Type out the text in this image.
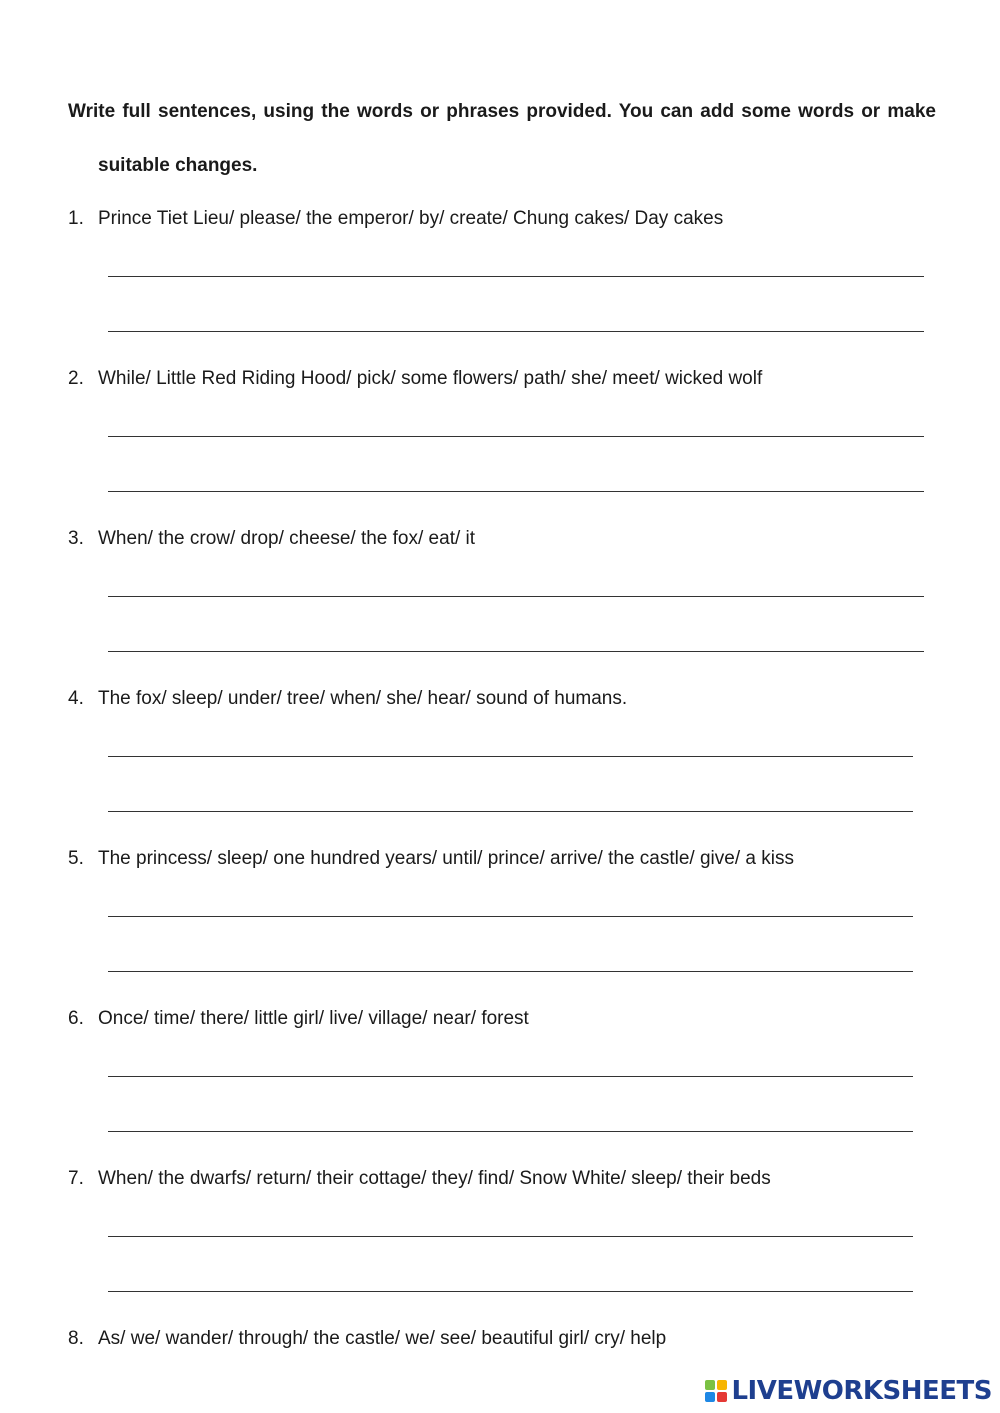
Write full sentences, using the words or phrases provided. You can add some words or make

suitable changes.

1. Prince Tiet Lieu/ please/ the emperor/ by/ create/ Chung cakes/ Day cakes
2. While/ Little Red Riding Hood/ pick/ some flowers/ path/ she/ meet/ wicked wolf
3. When/ the crow/ drop/ cheese/ the fox/ eat/ it
4. The fox/ sleep/ under/ tree/ when/ she/ hear/ sound of humans.
5. The princess/ sleep/ one hundred years/ until/ prince/ arrive/ the castle/ give/ a kiss
6. Once/ time/ there/ little girl/ live/ village/ near/ forest
7. When/ the dwarfs/ return/ their cottage/ they/ find/ Snow White/ sleep/ their beds
8. As/ we/ wander/ through/ the castle/ we/ see/ beautiful girl/ cry/ help
LIVEWORKSHEETS
